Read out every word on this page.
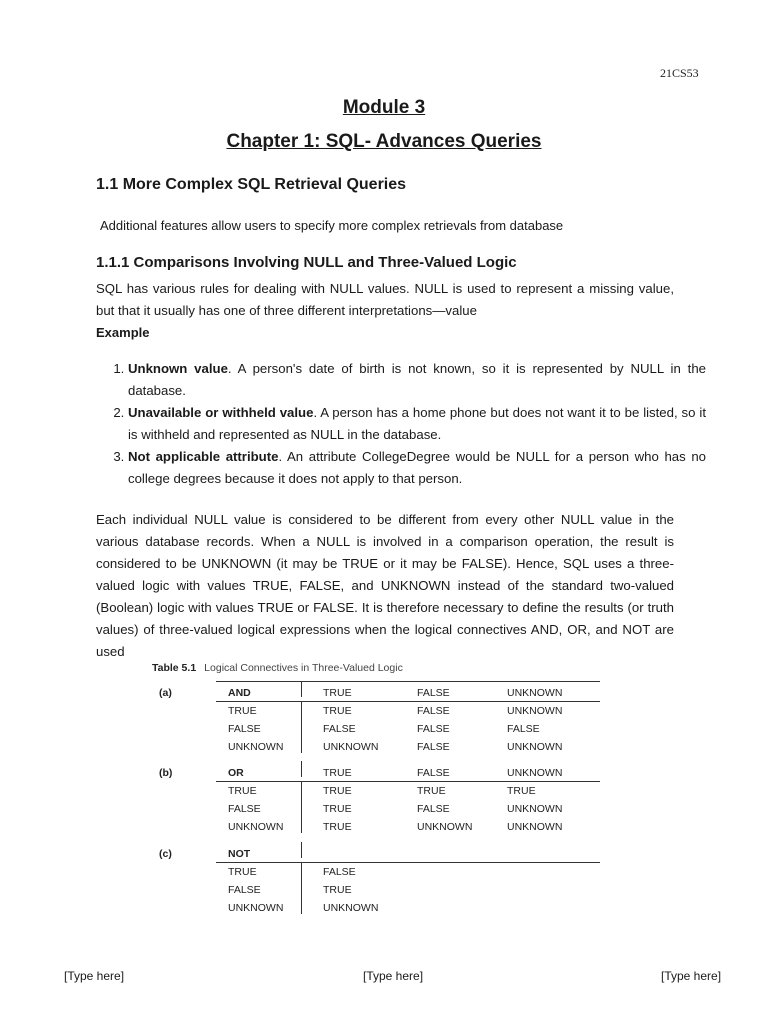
21CS53
Module 3
Chapter 1: SQL- Advances Queries
1.1 More Complex SQL Retrieval Queries
Additional features allow users to specify more complex retrievals from database
1.1.1 Comparisons Involving NULL and Three-Valued Logic
SQL has various rules for dealing with NULL values. NULL is used to represent a missing value, but that it usually has one of three different interpretations—value
Example
1. Unknown value. A person's date of birth is not known, so it is represented by NULL in the database.
2. Unavailable or withheld value. A person has a home phone but does not want it to be listed, so it is withheld and represented as NULL in the database.
3. Not applicable attribute. An attribute CollegeDegree would be NULL for a person who has no college degrees because it does not apply to that person.
Each individual NULL value is considered to be different from every other NULL value in the various database records. When a NULL is involved in a comparison operation, the result is considered to be UNKNOWN (it may be TRUE or it may be FALSE). Hence, SQL uses a three-valued logic with values TRUE, FALSE, and UNKNOWN instead of the standard two-valued (Boolean) logic with values TRUE or FALSE. It is therefore necessary to define the results (or truth values) of three-valued logical expressions when the logical connectives AND, OR, and NOT are used
Table 5.1 Logical Connectives in Three-Valued Logic
(a)	AND	TRUE	FALSE	UNKNOWN
TRUE	TRUE	FALSE	UNKNOWN
FALSE	FALSE	FALSE	FALSE
UNKNOWN	UNKNOWN	FALSE	UNKNOWN
(b)	OR	TRUE	FALSE	UNKNOWN
TRUE	TRUE	TRUE	TRUE
FALSE	TRUE	FALSE	UNKNOWN
UNKNOWN	TRUE	UNKNOWN	UNKNOWN
(c)	NOT
TRUE	FALSE
FALSE	TRUE
UNKNOWN	UNKNOWN
[Type here]	[Type here]	[Type here]
